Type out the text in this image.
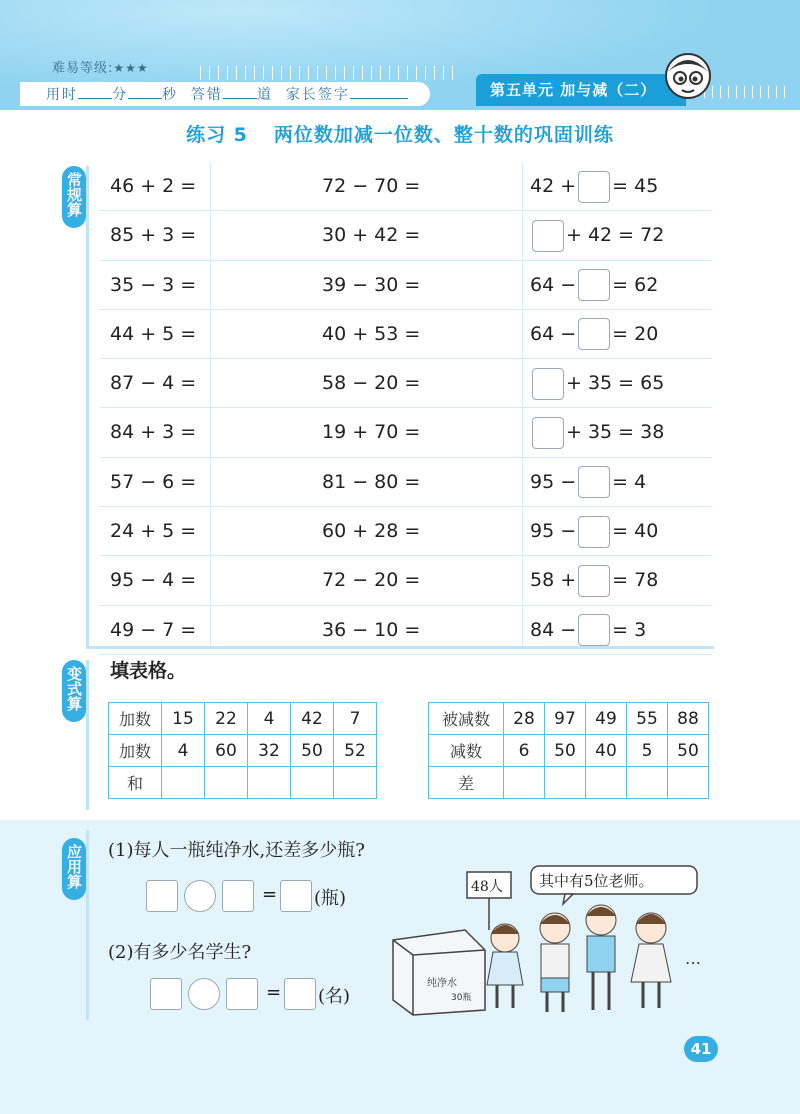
难易等级:★★★
用时 分 秒 答错 道 家长签字	第五单元 加与减（二）
练习 5 两位数加减一位数、整十数的巩固训练
常规算 46 + 2 =	72 − 70 =	42 + = 45
85 + 3 =	30 + 42 =	+ 42 = 72
35 − 3 =	39 − 30 =	64 − = 62
44 + 5 =	40 + 53 =	64 − = 20
87 − 4 =	58 − 20 =	+ 35 = 65
84 + 3 =	19 + 70 =	+ 35 = 38
57 − 6 =	81 − 80 =	95 − = 4
24 + 5 =	60 + 28 =	95 − = 40
95 − 4 =	72 − 20 =	58 + = 78
49 − 7 =	36 − 10 =	84 − = 3
变式算 填表格。
加数	15	22	4	42	7
加数	4	60	32	50	52
和					
被减数	28	97	49	55	88
减数	6	50	40	5	50
差					
应用算 (1)每人一瓶纯净水,还差多少瓶?
= (瓶)
(2)有多少名学生?
= (名)
纯净水
30瓶
48人 其中有5位老师。
…
41
